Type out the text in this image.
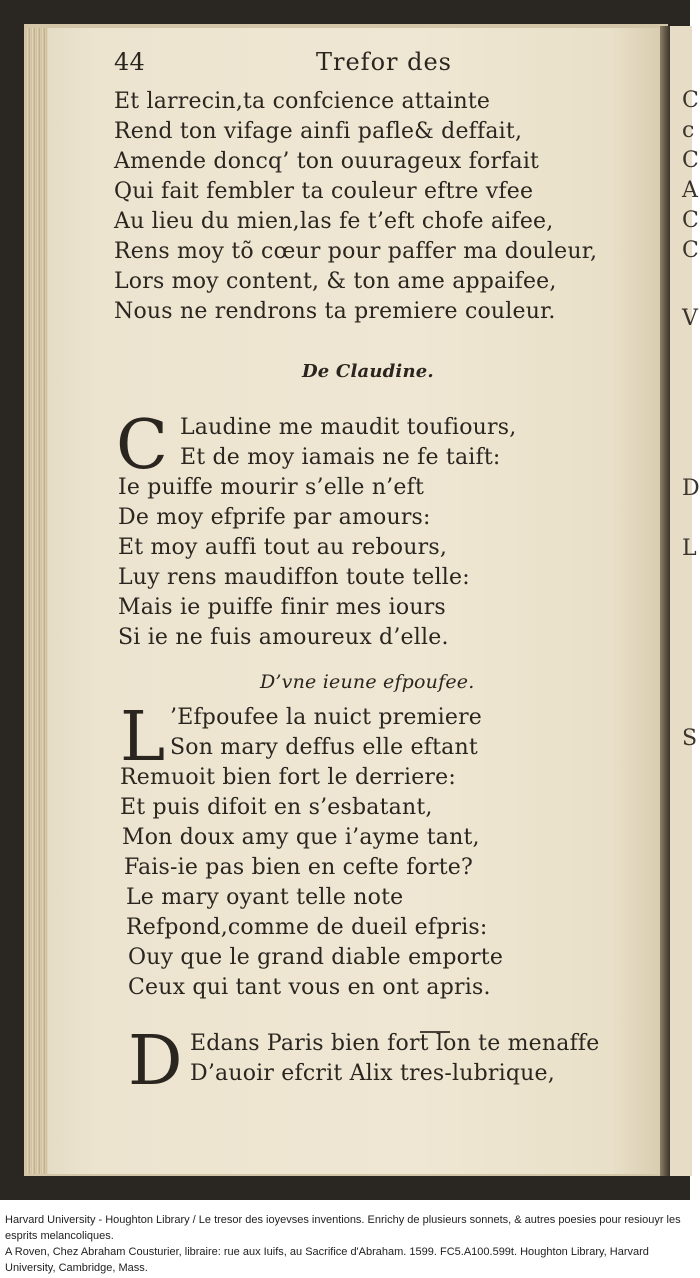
44	Trefor des
Et larrecin,ta confcience attainte
Rend ton vifage ainfi pafle& deffait,
Amende doncq’ ton ouurageux forfait
Qui fait fembler ta couleur eftre vfee
Au lieu du mien,las fe t’eft chofe aifee,
Rens moy tõ cœur pour paffer ma douleur,
Lors moy content, & ton ame appaifee,
Nous ne rendrons ta premiere couleur.
De Claudine.
C Laudine me maudit toufiours,
Et de moy iamais ne fe taift:
Ie puiffe mourir s’elle n’eft
De moy efprife par amours:
Et moy auffi tout au rebours,
Luy rens maudiffon toute telle:
Mais ie puiffe finir mes iours
Si ie ne fuis amoureux d’elle.
D’vne ieune efpoufee.
L ’Efpoufee la nuict premiere
Son mary deffus elle eftant
Remuoit bien fort le derriere:
Et puis difoit en s’esbatant,
Mon doux amy que i’ayme tant,
Fais-ie pas bien en cefte forte?
Le mary oyant telle note
Refpond,comme de dueil efpris:
Ouy que le grand diable emporte
Ceux qui tant vous en ont apris.
D Edans Paris bien fort lon te menaffe
D’auoir efcrit Alix tres-lubrique,
C
c
C
A
C
C
V
D
L
S
Harvard University - Houghton Library / Le tresor des ioyevses inventions. Enrichy de plusieurs sonnets, & autres poesies pour resiouyr les esprits melancoliques.
A Roven, Chez Abraham Cousturier, libraire: rue aux Iuifs, au Sacrifice d'Abraham. 1599. FC5.A100.599t. Houghton Library, Harvard University, Cambridge, Mass.
